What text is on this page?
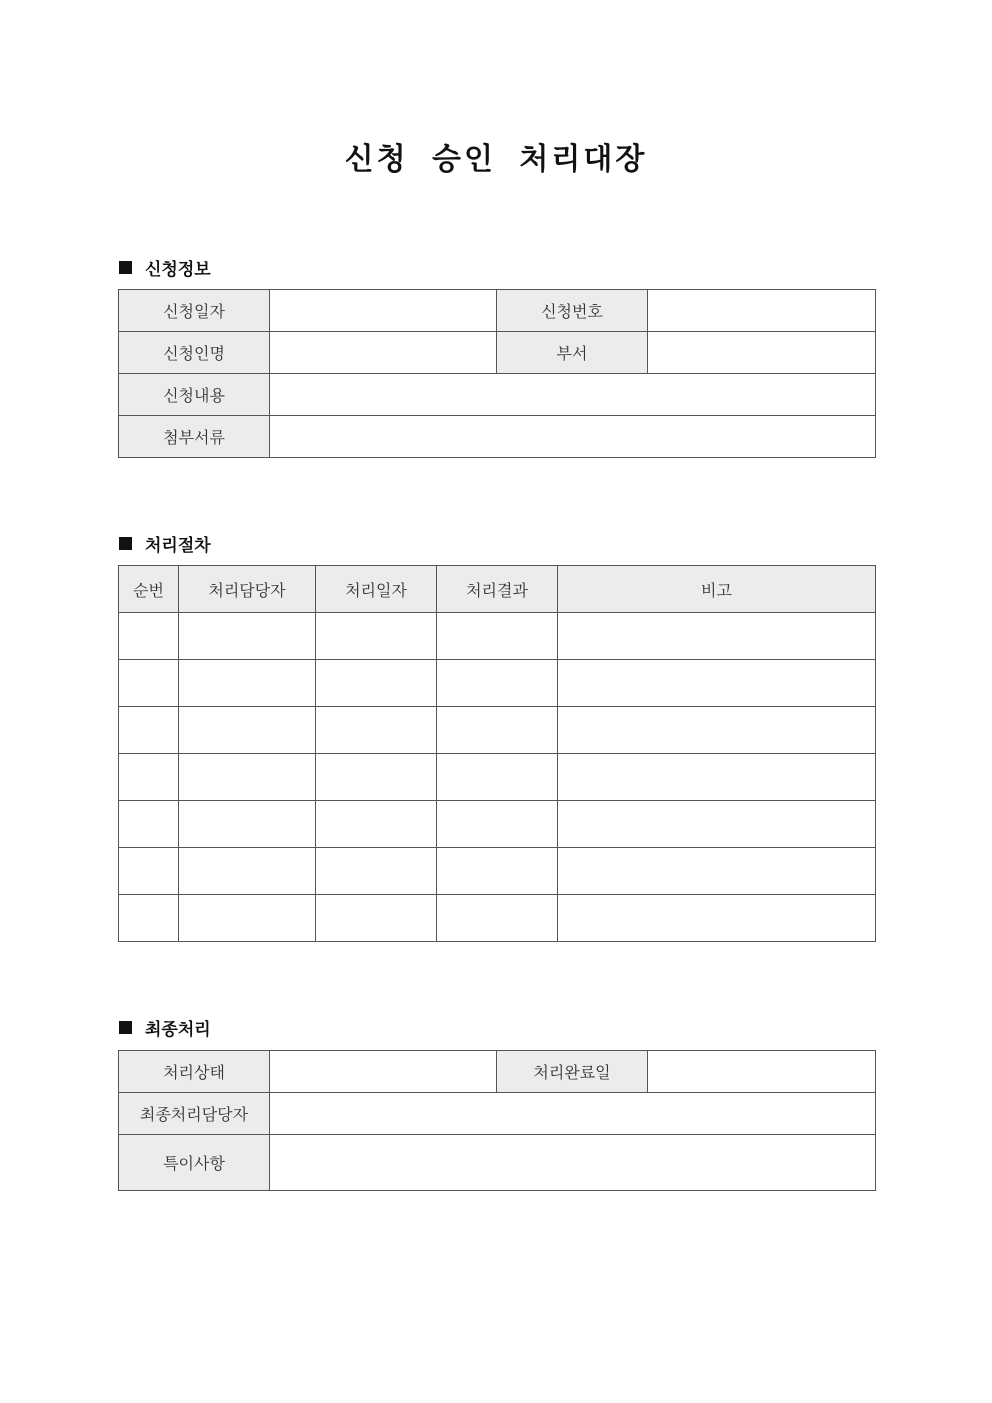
신청 승인 처리대장
신청정보
신청일자		신청번호	
신청인명		부서	
신청내용			
첨부서류			
처리절차
순번	처리담당자	처리일자	처리결과	비고

최종처리
처리상태		처리완료일	
최종처리담당자			
특이사항			
